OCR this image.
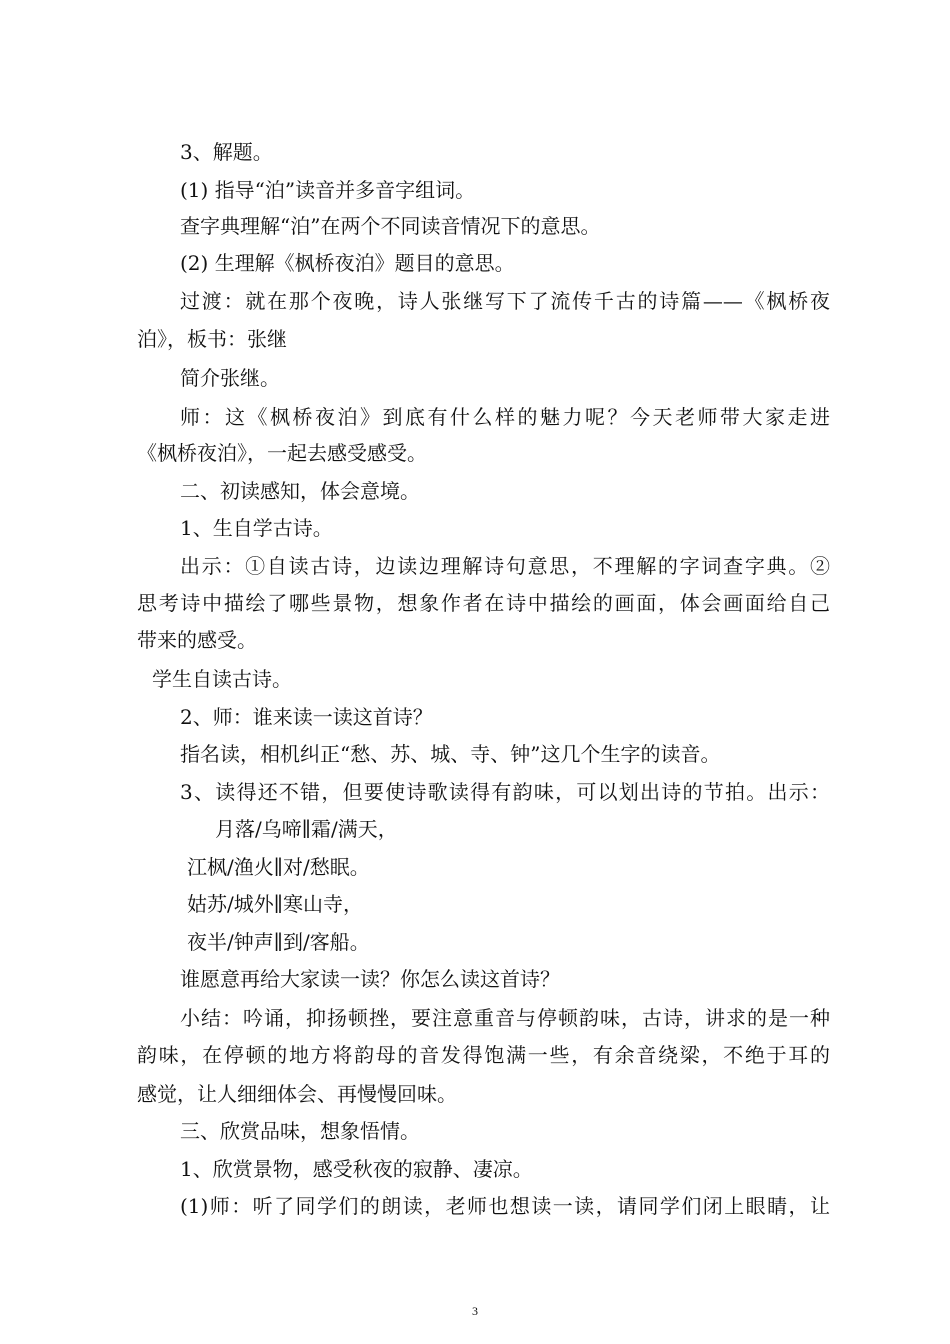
3、解题。
(1) 指导“泊”读音并多音字组词。
查字典理解“泊”在两个不同读音情况下的意思。
(2) 生理解《枫桥夜泊》题目的意思。
过渡：就在那个夜晚，诗人张继写下了流传千古的诗篇——《枫桥夜
泊》，板书：张继
简介张继。
师：这《枫桥夜泊》到底有什么样的魅力呢？今天老师带大家走进
《枫桥夜泊》，一起去感受感受。
二、初读感知，体会意境。
1、生自学古诗。
出示：①自读古诗，边读边理解诗句意思，不理解的字词查字典。②
思考诗中描绘了哪些景物，想象作者在诗中描绘的画面，体会画面给自己
带来的感受。
学生自读古诗。
2、师：谁来读一读这首诗？
指名读，相机纠正“愁、苏、城、寺、钟”这几个生字的读音。
3、读得还不错，但要使诗歌读得有韵味，可以划出诗的节拍。出示：
月落/乌啼∥霜/满天，
江枫/渔火∥对/愁眠。
姑苏/城外∥寒山寺，
夜半/钟声∥到/客船。
谁愿意再给大家读一读？你怎么读这首诗？
小结：吟诵，抑扬顿挫，要注意重音与停顿韵味，古诗，讲求的是一种
韵味，在停顿的地方将韵母的音发得饱满一些，有余音绕梁，不绝于耳的
感觉，让人细细体会、再慢慢回味。
三、欣赏品味，想象悟情。
1、欣赏景物，感受秋夜的寂静、凄凉。
(1)师：听了同学们的朗读，老师也想读一读，请同学们闭上眼睛，让
3
